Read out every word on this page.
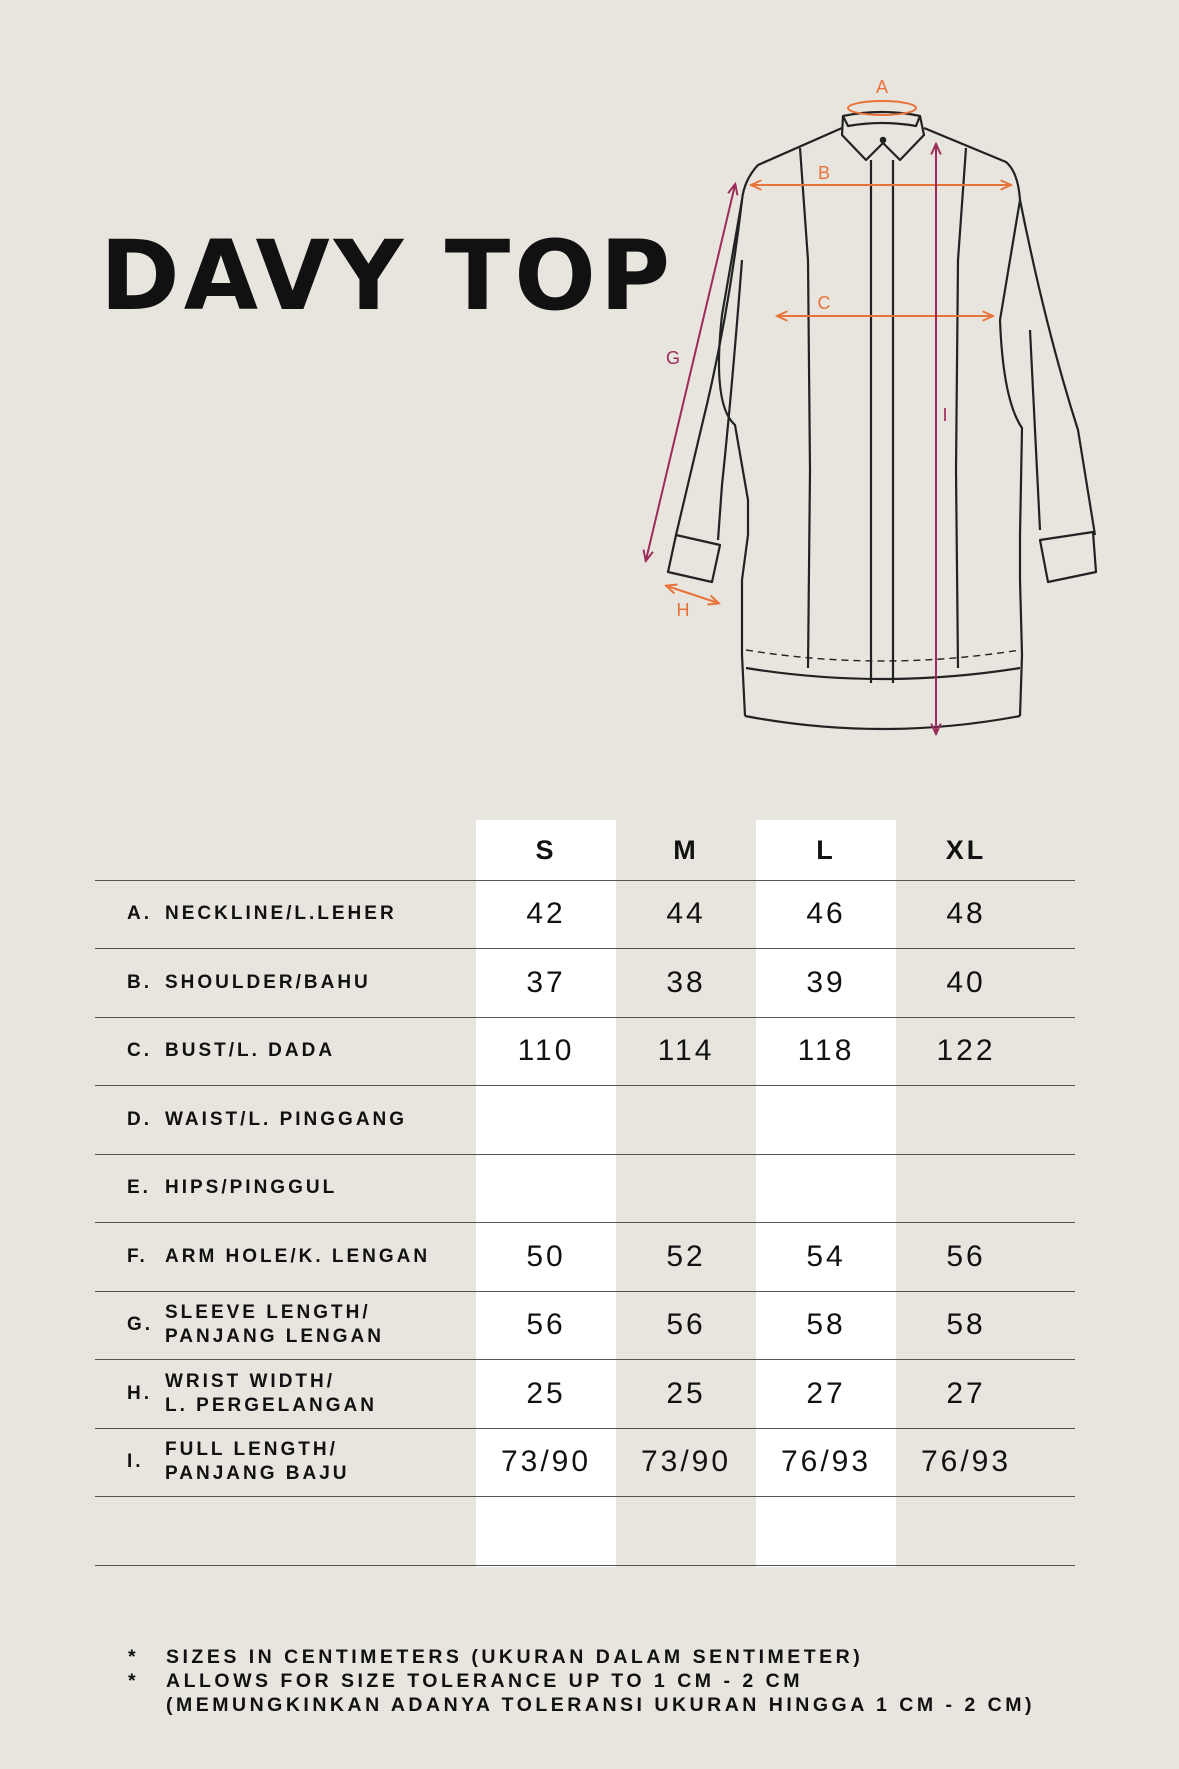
DAVY TOP
A
B
C
G
H
I
S	M	L	XL
A. NECKLINE/L.LEHER	42	44	46	48
B. SHOULDER/BAHU	37	38	39	40
C. BUST/L. DADA	110	114	118	122
D. WAIST/L. PINGGANG
E. HIPS/PINGGUL
F. ARM HOLE/K. LENGAN	50	52	54	56
G.
SLEEVE LENGTH/
PANJANG LENGAN	56	56	58	58
H.
WRIST WIDTH/
L. PERGELANGAN	25	25	27	27
I.
FULL LENGTH/
PANJANG BAJU	73/90	73/90	76/93	76/93
*	SIZES IN CENTIMETERS (UKURAN DALAM SENTIMETER)
*	ALLOWS FOR SIZE TOLERANCE UP TO 1 CM - 2 CM
(MEMUNGKINKAN ADANYA TOLERANSI UKURAN HINGGA 1 CM - 2 CM)
